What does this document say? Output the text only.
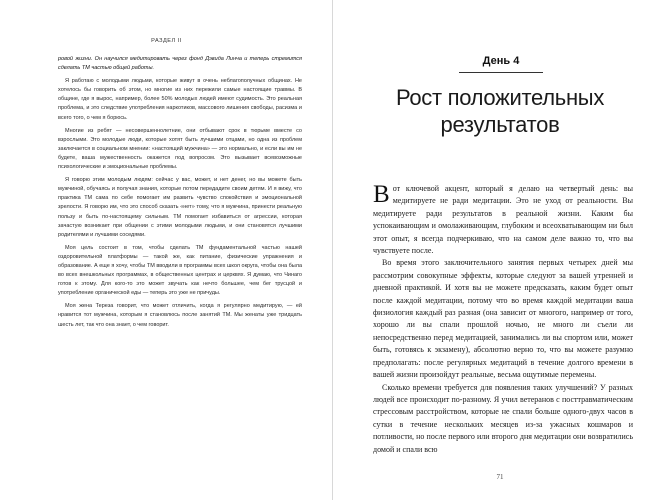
РАЗДЕЛ II

ровой жизни. Он научился медитировать через фонд Дэвида Линча и теперь стремится сделать ТМ частью общей работы.

Я работаю с молодыми людьми, которые живут в очень неблагополучных общинах. Не хотелось бы говорить об этом, но многие из них пережили самые настоящие травмы. В общине, где я вырос, например, более 50% молодых людей имеют судимость. Это реальная проблема, и это следствие употребления наркотиков, массового лишения свободы, расизма и всего того, о чем я борюсь.

Многие из ребят — несовершеннолетние, они отбывают срок в тюрьме вместе со взрослыми. Это молодые люди, которые хотят быть лучшими отцами, но одна из проблем заключается в социальном мнении: «настоящий мужчина» — это нормально, и если вы им не будете, ваша мужественность окажется под вопросом. Это вызывает всевозможные психологические и эмоциональные проблемы.

Я говорю этим молодым людям: сейчас у вас, может, и нет денег, но вы можете быть мужчиной, обучаясь и получая знания, которые потом передадите своим детям. И я вижу, что практика ТМ сама по себе помогает им развить чувство спокойствия и эмоциональной зрелости. Я говорю им, что это способ сказать «нет» тому, что я мужчина, принести реальную пользу и быть по-настоящему сильным. ТМ помогает избавиться от агрессии, которая зачастую возникает при общении с этими молодыми людьми, и они становятся лучшими родителями и лучшими соседями.

Моя цель состоит в том, чтобы сделать ТМ фундаментальной частью нашей оздоровительной платформы — такой же, как питание, физические упражнения и образование. А еще я хочу, чтобы ТМ вводили в программы всех школ округа, чтобы она была во всех внешкольных программах, в общественных центрах и церквях. Я думаю, что Чинаго готов к этому. Для кого-то это может звучать как нечто большее, чем бег трусцой и употребление органической еды — теперь это уже не причуды.

Моя жена Тереза говорит, что может отличить, когда я регулярно медитирую, — ей нравится тот мужчина, которым я становлюсь после занятий ТМ. Мы женаты уже тридцать шесть лет, так что она знает, о чем говорит.

День 4
Рост положительных результатов

Вот ключевой акцент, который я делаю на четвертый день: вы медитируете не ради медитации. Это не уход от реальности. Вы медитируете ради результатов в реальной жизни. Каким бы успокаивающим и омолаживающим, глубоким и всеохватывающим ни был этот опыт, я всегда подчеркиваю, что на самом деле важно то, что вы чувствуете после.

Во время этого заключительного занятия первых четырех дней мы рассмотрим совокупные эффекты, которые следуют за вашей утренней и дневной практикой. И хотя вы не можете предсказать, каким будет опыт после каждой медитации, потому что во время каждой медитации ваша физиология каждый раз разная (она зависит от многого, например от того, хорошо ли вы спали прошлой ночью, не много ли съели ли непосредственно перед медитацией, занимались ли вы спортом или, может быть, готовясь к экзамену), абсолютно верно то, что вы можете разумно предполагать: после регулярных медитаций в течение долгого времени в вашей жизни произойдут реальные, весьма ощутимые перемены.

Сколько времени требуется для появления таких улучшений? У разных людей все происходит по-разному. Я учил ветеранов с посттравматическим стрессовым расстройством, которые не спали больше одного-двух часов в сутки в течение нескольких месяцев из-за ужасных кошмаров и потливости, но после первого или второго дня медитации они возвратились домой и спали всю

71
